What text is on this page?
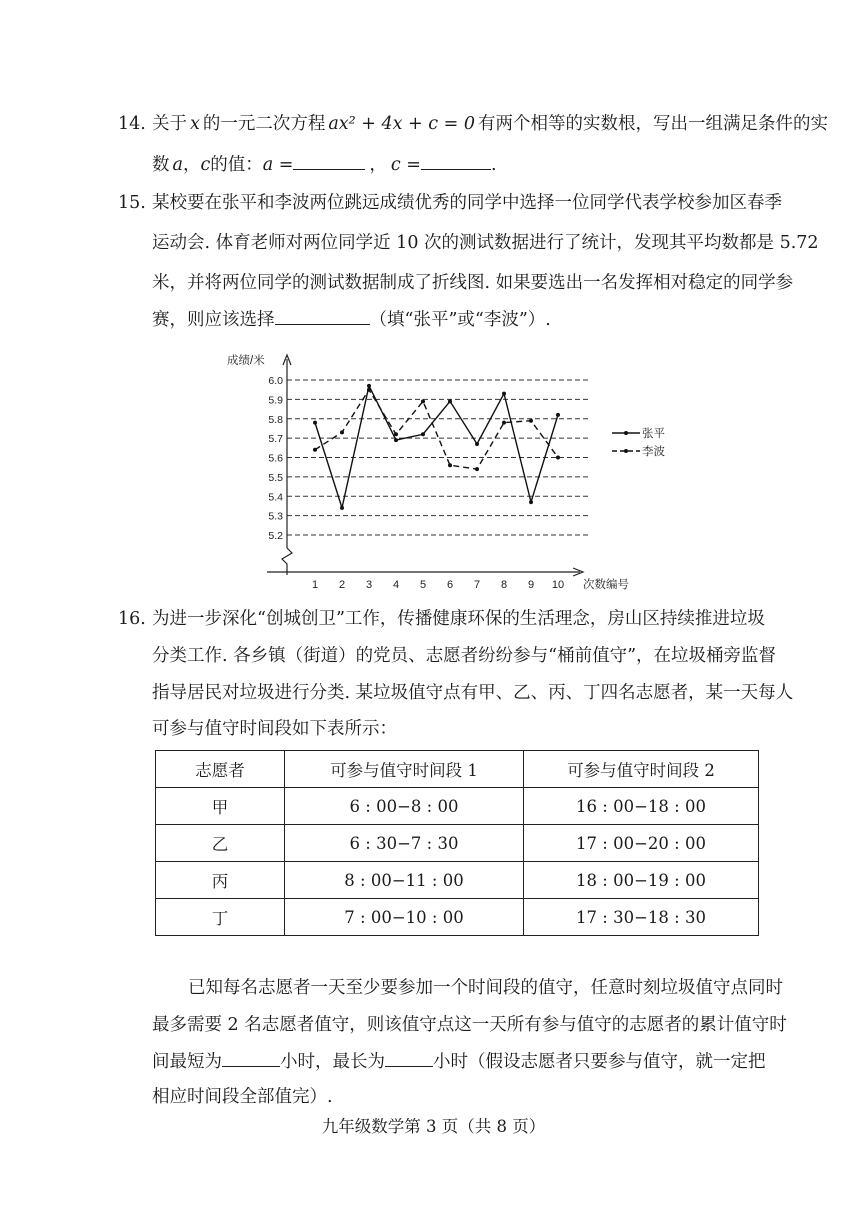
14. 关于 x 的一元二次方程 ax² + 4x + c = 0 有两个相等的实数根，写出一组满足条件的实
数 a，c的值：a =	， c =	.
15. 某校要在张平和李波两位跳远成绩优秀的同学中选择一位同学代表学校参加区春季
运动会. 体育老师对两位同学近 10 次的测试数据进行了统计，发现其平均数都是 5.72
米，并将两位同学的测试数据制成了折线图. 如果要选出一名发挥相对稳定的同学参
赛，则应该选择	（填“张平”或“李波”）.
5.2
5.3
5.4
5.5
5.6
5.7
5.8
5.9
6.0
1 2 3 4 5 6 7 8 9 10
成绩/米
次数编号
张平
李波
16. 为进一步深化“创城创卫”工作，传播健康环保的生活理念，房山区持续推进垃圾
分类工作. 各乡镇（街道）的党员、志愿者纷纷参与“桶前值守”，在垃圾桶旁监督
指导居民对垃圾进行分类. 某垃圾值守点有甲、乙、丙、丁四名志愿者，某一天每人
可参与值守时间段如下表所示：
志愿者	可参与值守时间段 1	可参与值守时间段 2
甲	6 : 00−8 : 00	16 : 00−18 : 00
乙	6 : 30−7 : 30	17 : 00−20 : 00
丙	8 : 00−11 : 00	18 : 00−19 : 00
丁	7 : 00−10 : 00	17 : 30−18 : 30
已知每名志愿者一天至少要参加一个时间段的值守，任意时刻垃圾值守点同时
最多需要 2 名志愿者值守，则该值守点这一天所有参与值守的志愿者的累计值守时
间最短为	小时，最长为	小时（假设志愿者只要参与值守，就一定把
相应时间段全部值完）.
九年级数学第 3 页（共 8 页）
